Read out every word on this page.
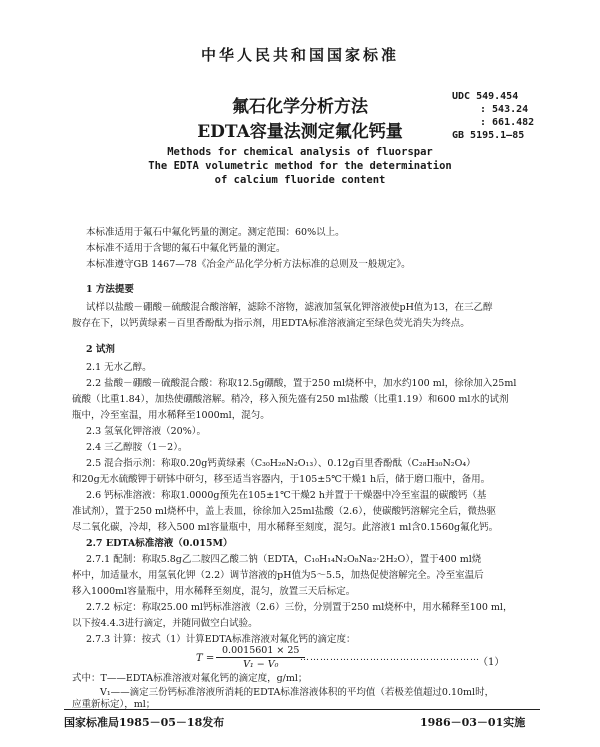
中华人民共和国国家标准
UDC 549.454
: 543.24
: 661.482
GB 5195.1—85
氟石化学分析方法
EDTA容量法测定氟化钙量
Methods for chemical analysis of fluorspar
The EDTA volumetric method for the determination
of calcium fluoride content
本标准适用于氟石中氟化钙量的测定。测定范围：60%以上。
本标准不适用于含锶的氟石中氟化钙量的测定。
本标准遵守GB 1467—78《冶金产品化学分析方法标准的总则及一般规定》。
1 方法提要
试样以盐酸－硼酸－硫酸混合酸溶解，滤除不溶物，滤液加氢氧化钾溶液使pH值为13，在三乙醇
胺存在下，以钙黄绿素－百里香酚酞为指示剂，用EDTA标准溶液滴定至绿色荧光消失为终点。
2 试剂
2.1 无水乙醇。
2.2 盐酸－硼酸－硫酸混合酸：称取12.5g硼酸，置于250 ml烧杯中，加水约100 ml，徐徐加入25ml
硫酸（比重1.84），加热使硼酸溶解。稍冷，移入预先盛有250 ml盐酸（比重1.19）和600 ml水的试剂
瓶中，冷至室温，用水稀释至1000ml，混匀。
2.3 氢氧化钾溶液（20%）。
2.4 三乙醇胺（1－2）。
2.5 混合指示剂：称取0.20g钙黄绿素（C₃₀H₂₆N₂O₁₃）、0.12g百里香酚酞（C₂₈H₃₀N₂O₄）
和20g无水硫酸钾于研钵中研匀，移至适当容器内，于105±5℃干燥1 h后，储于磨口瓶中，备用。
2.6 钙标准溶液：称取1.0000g预先在105±1℃干燥2 h并置于干燥器中冷至室温的碳酸钙（基
准试剂），置于250 ml烧杯中，盖上表皿，徐徐加入25ml盐酸（2.6），使碳酸钙溶解完全后，微热驱
尽二氧化碳，冷却，移入500 ml容量瓶中，用水稀释至刻度，混匀。此溶液1 ml含0.1560g氟化钙。
2.7 EDTA标准溶液（0.015M）
2.7.1 配制：称取5.8g乙二胺四乙酸二钠（EDTA，C₁₀H₁₄N₂O₈Na₂·2H₂O），置于400 ml烧
杯中，加适量水，用氢氧化钾（2.2）调节溶液的pH值为5～5.5，加热促使溶解完全。冷至室温后
移入1000ml容量瓶中，用水稀释至刻度，混匀，放置三天后标定。
2.7.2 标定：称取25.00 ml钙标准溶液（2.6）三份，分别置于250 ml烧杯中，用水稀释至100 ml，
以下按4.4.3进行滴定，并随同做空白试验。
2.7.3 计算：按式（1）计算EDTA标准溶液对氟化钙的滴定度：
$T = \frac{0.0015601 \times 25}{\text{V₁ − V₀}}$
………………………………………………
（1）
式中：T——EDTA标准溶液对氟化钙的滴定度，g/ml；
V₁——滴定三份钙标准溶液所消耗的EDTA标准溶液体积的平均值（若极差值超过0.10ml时，
应重新标定），ml；
国家标准局1985－05－18发布	1986－03－01实施
